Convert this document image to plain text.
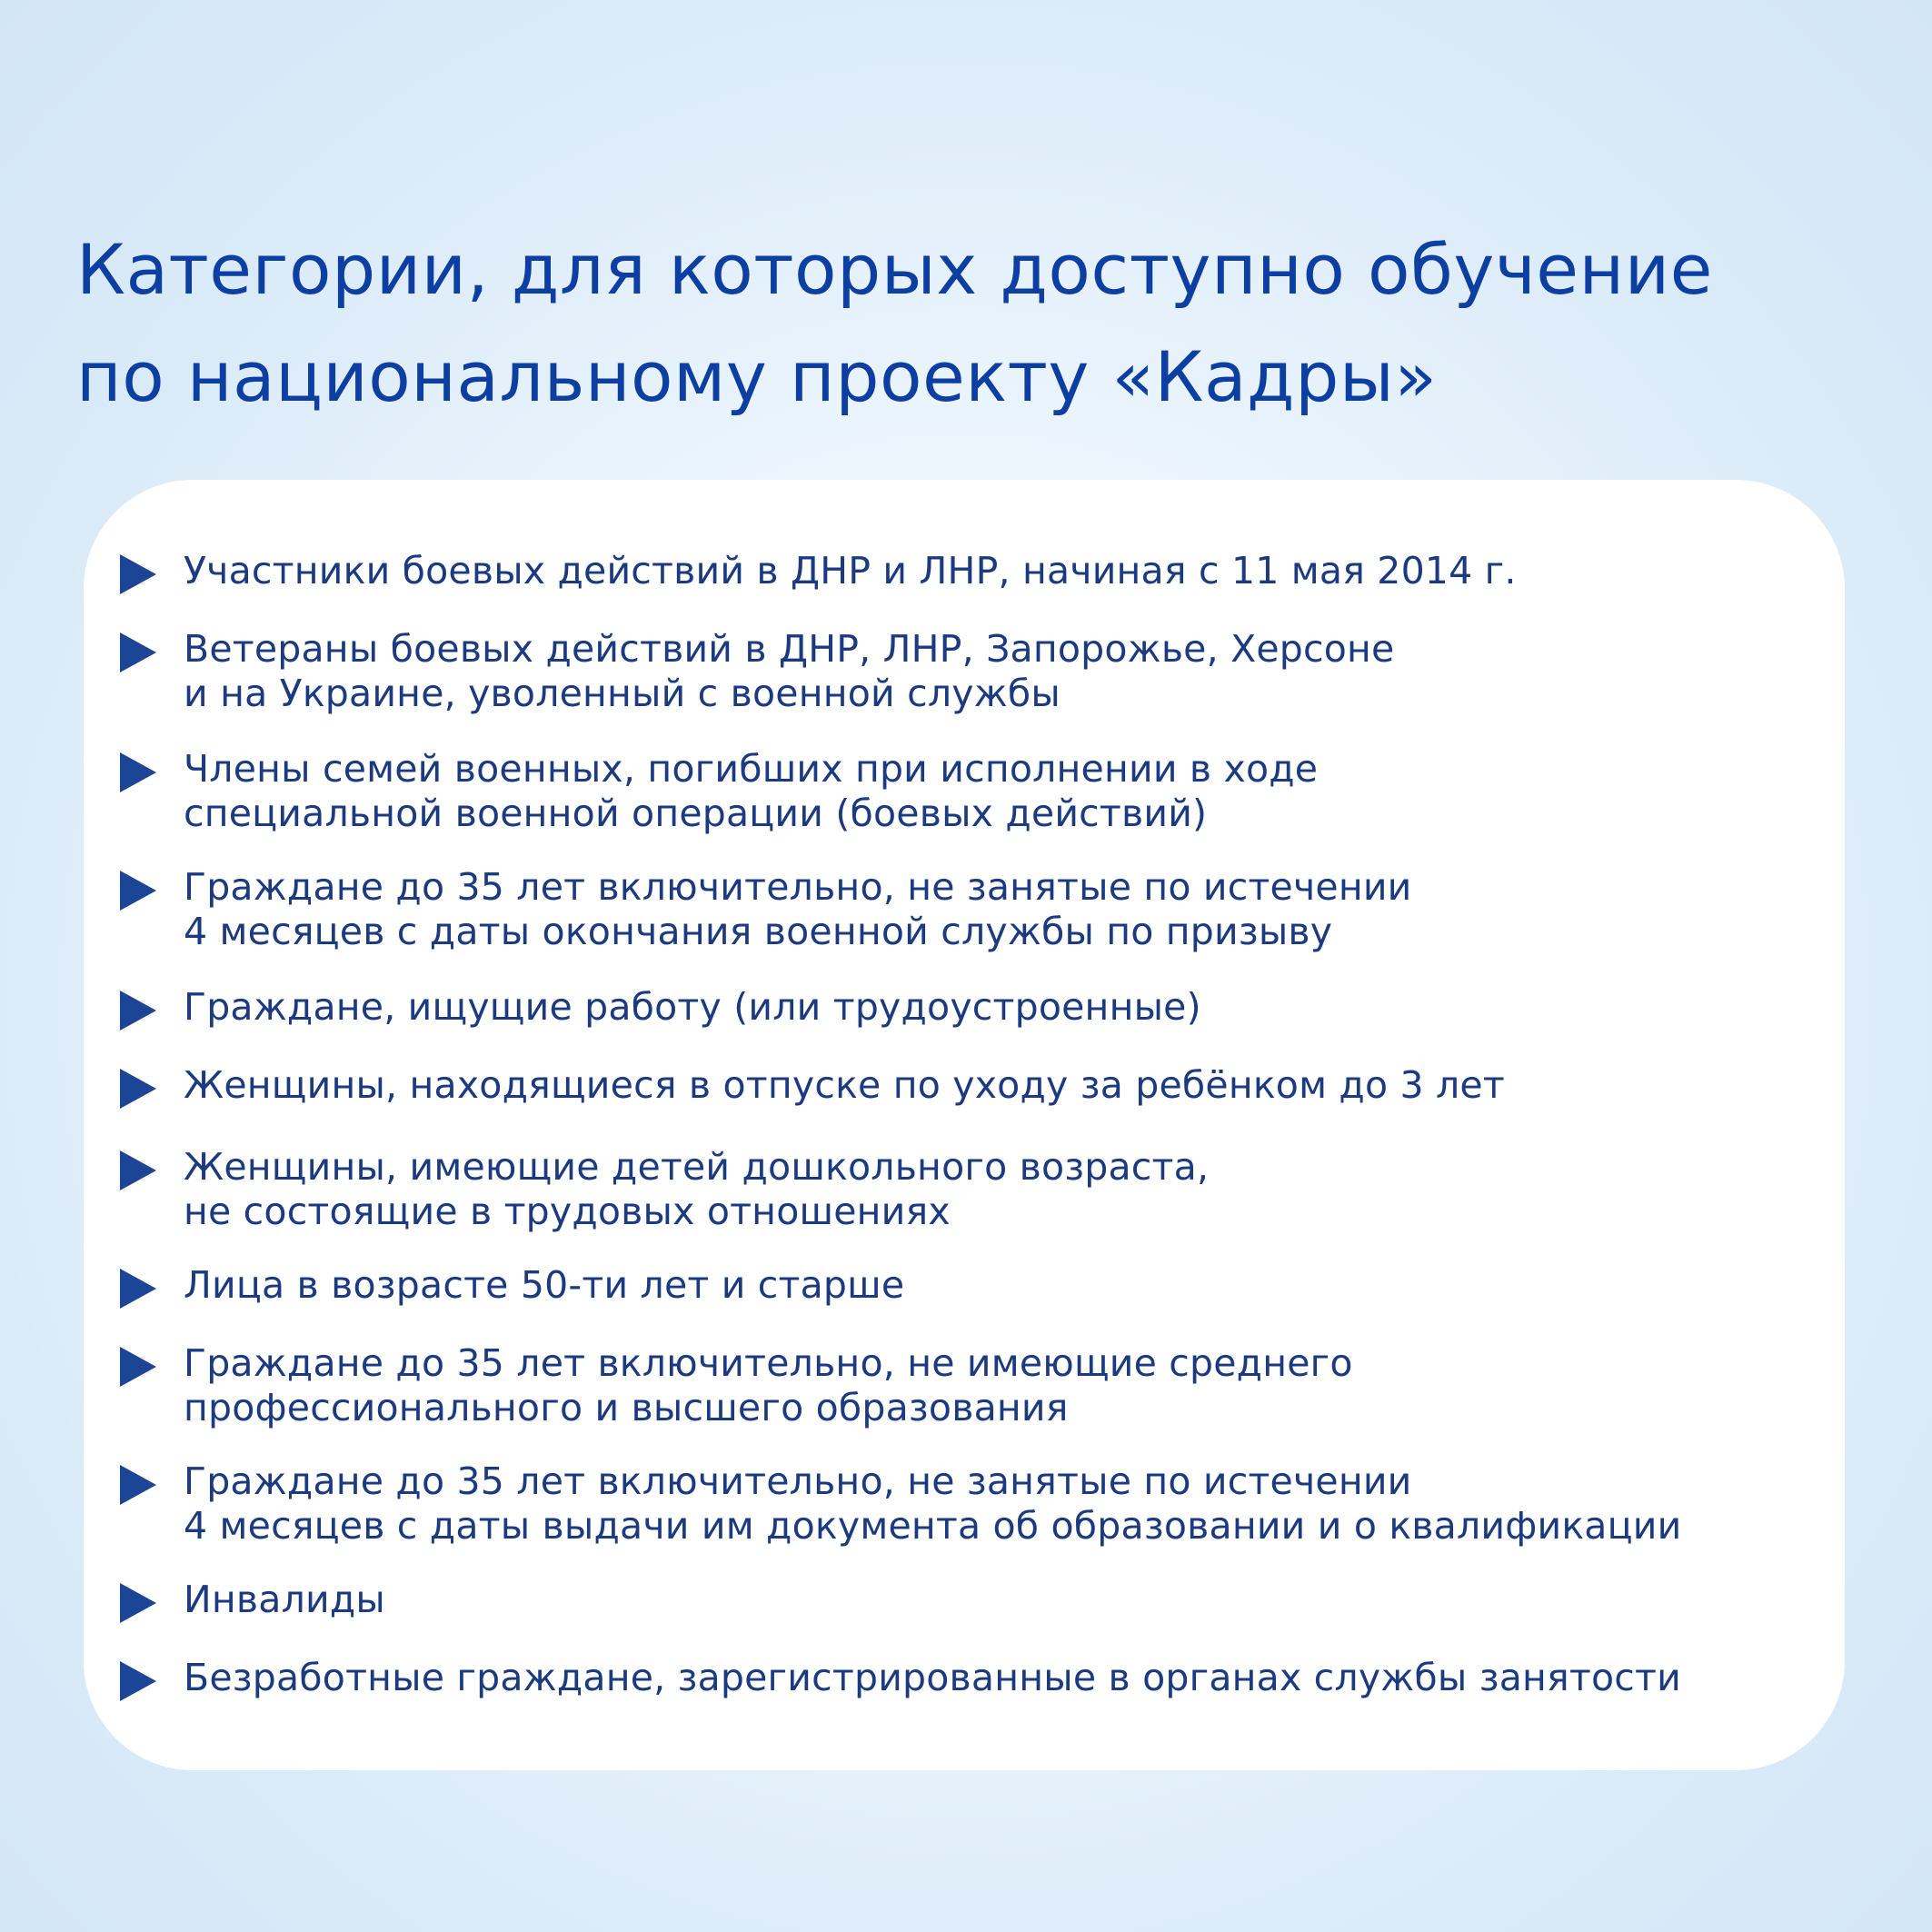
Категории, для которых доступно обучение
по национальному проекту «Кадры»
Участники боевых действий в ДНР и ЛНР, начиная с 11 мая 2014 г.
Ветераны боевых действий в ДНР, ЛНР, Запорожье, Херсоне
и на Украине, уволенный с военной службы
Члены семей военных, погибших при исполнении в ходе
специальной военной операции (боевых действий)
Граждане до 35 лет включительно, не занятые по истечении
4 месяцев с даты окончания военной службы по призыву
Граждане, ищущие работу (или трудоустроенные)
Женщины, находящиеся в отпуске по уходу за ребёнком до 3 лет
Женщины, имеющие детей дошкольного возраста,
не состоящие в трудовых отношениях
Лица в возрасте 50-ти лет и старше
Граждане до 35 лет включительно, не имеющие среднего
профессионального и высшего образования
Граждане до 35 лет включительно, не занятые по истечении
4 месяцев с даты выдачи им документа об образовании и о квалификации
Инвалиды
Безработные граждане, зарегистрированные в органах службы занятости
